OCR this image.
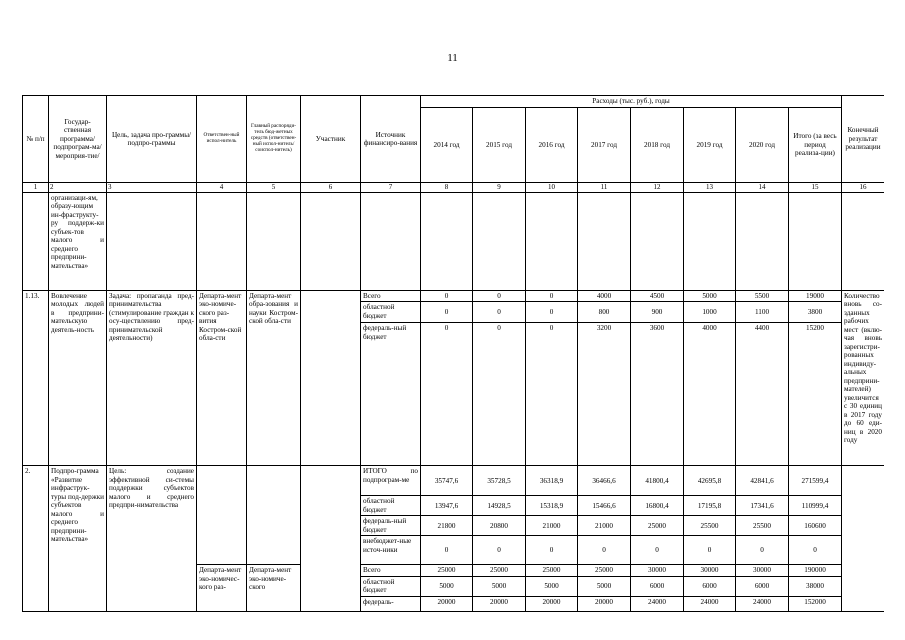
11
№ п/п	Государ-ственная программа/ подпрограм-ма/ мероприя-тие/	Цель, задача про-граммы/ подпро-граммы	Ответствен-ный испол-нитель	Главный распоряди-тель бюд-жетных средств (ответствен-ный испол-нитель/ соиспол-нитель)	Участник	Источник финансиро-вания	Расходы (тыс. руб.), годы								Конечный результат реализации
							2014 год	2015 год	2016 год	2017 год	2018 год	2019 год	2020 год	Итого (за весь период реализа-ции)	
1	2	3	4	5	6	7	8	9	10	11	12	13	14	15	16
	организаци-ям, образу-ющим ин-фраструкту-ру поддерж-ки субъек-тов малого и среднего предприни-мательства»														
1.13.	Вовлечение молодых людей в предприни-мательскую деятель-ность	Задача: пропаганда пред-принимательства (стимулирование граждан к осу-ществлению пред-принимательской деятельности)	Департа-мент эко-номиче-ского раз-вития Костром-ской обла-сти	Департа-мент обра-зования и науки Костром-ской обла-сти		Всего	0	0	0	4000	4500	5000	5500	19000	Количество вновь со-зданных рабочих мест (вклю-чая вновь зарегистри-рованных индивиду-альных предприни-мателей) увеличится с 30 единиц в 2017 году до 60 еди-ниц в 2020 году
						областной бюджет	0	0	0	800	900	1000	1100	3800	
						федераль-ный бюджет	0	0	0	3200	3600	4000	4400	15200	
2.	Подпро-грамма «Развитие инфраструк-туры под-держки субъектов малого и среднего предприни-мательства»	Цель: создание эффективной си-стемы поддержки субъектов малого и среднего предпри-нимательства				ИТОГО по подпрограм-ме	35747,6	35728,5	36318,9	36466,6	41800,4	42695,8	42841,6	271599,4	
						областной бюджет	13947,6	14928,5	15318,9	15466,6	16800,4	17195,8	17341,6	110999,4	
						федераль-ный бюджет	21800	20800	21000	21000	25000	25500	25500	160600	
						внебюджет-ные источ-ники	0	0	0	0	0	0	0	0	
			Департа-мент эко-номичес-кого раз-	Департа-мент эко-номиче-ского		Всего	25000	25000	25000	25000	30000	30000	30000	190000	
						областной бюджет	5000	5000	5000	5000	6000	6000	6000	38000	
						федераль-	20000	20000	20000	20000	24000	24000	24000	152000	
